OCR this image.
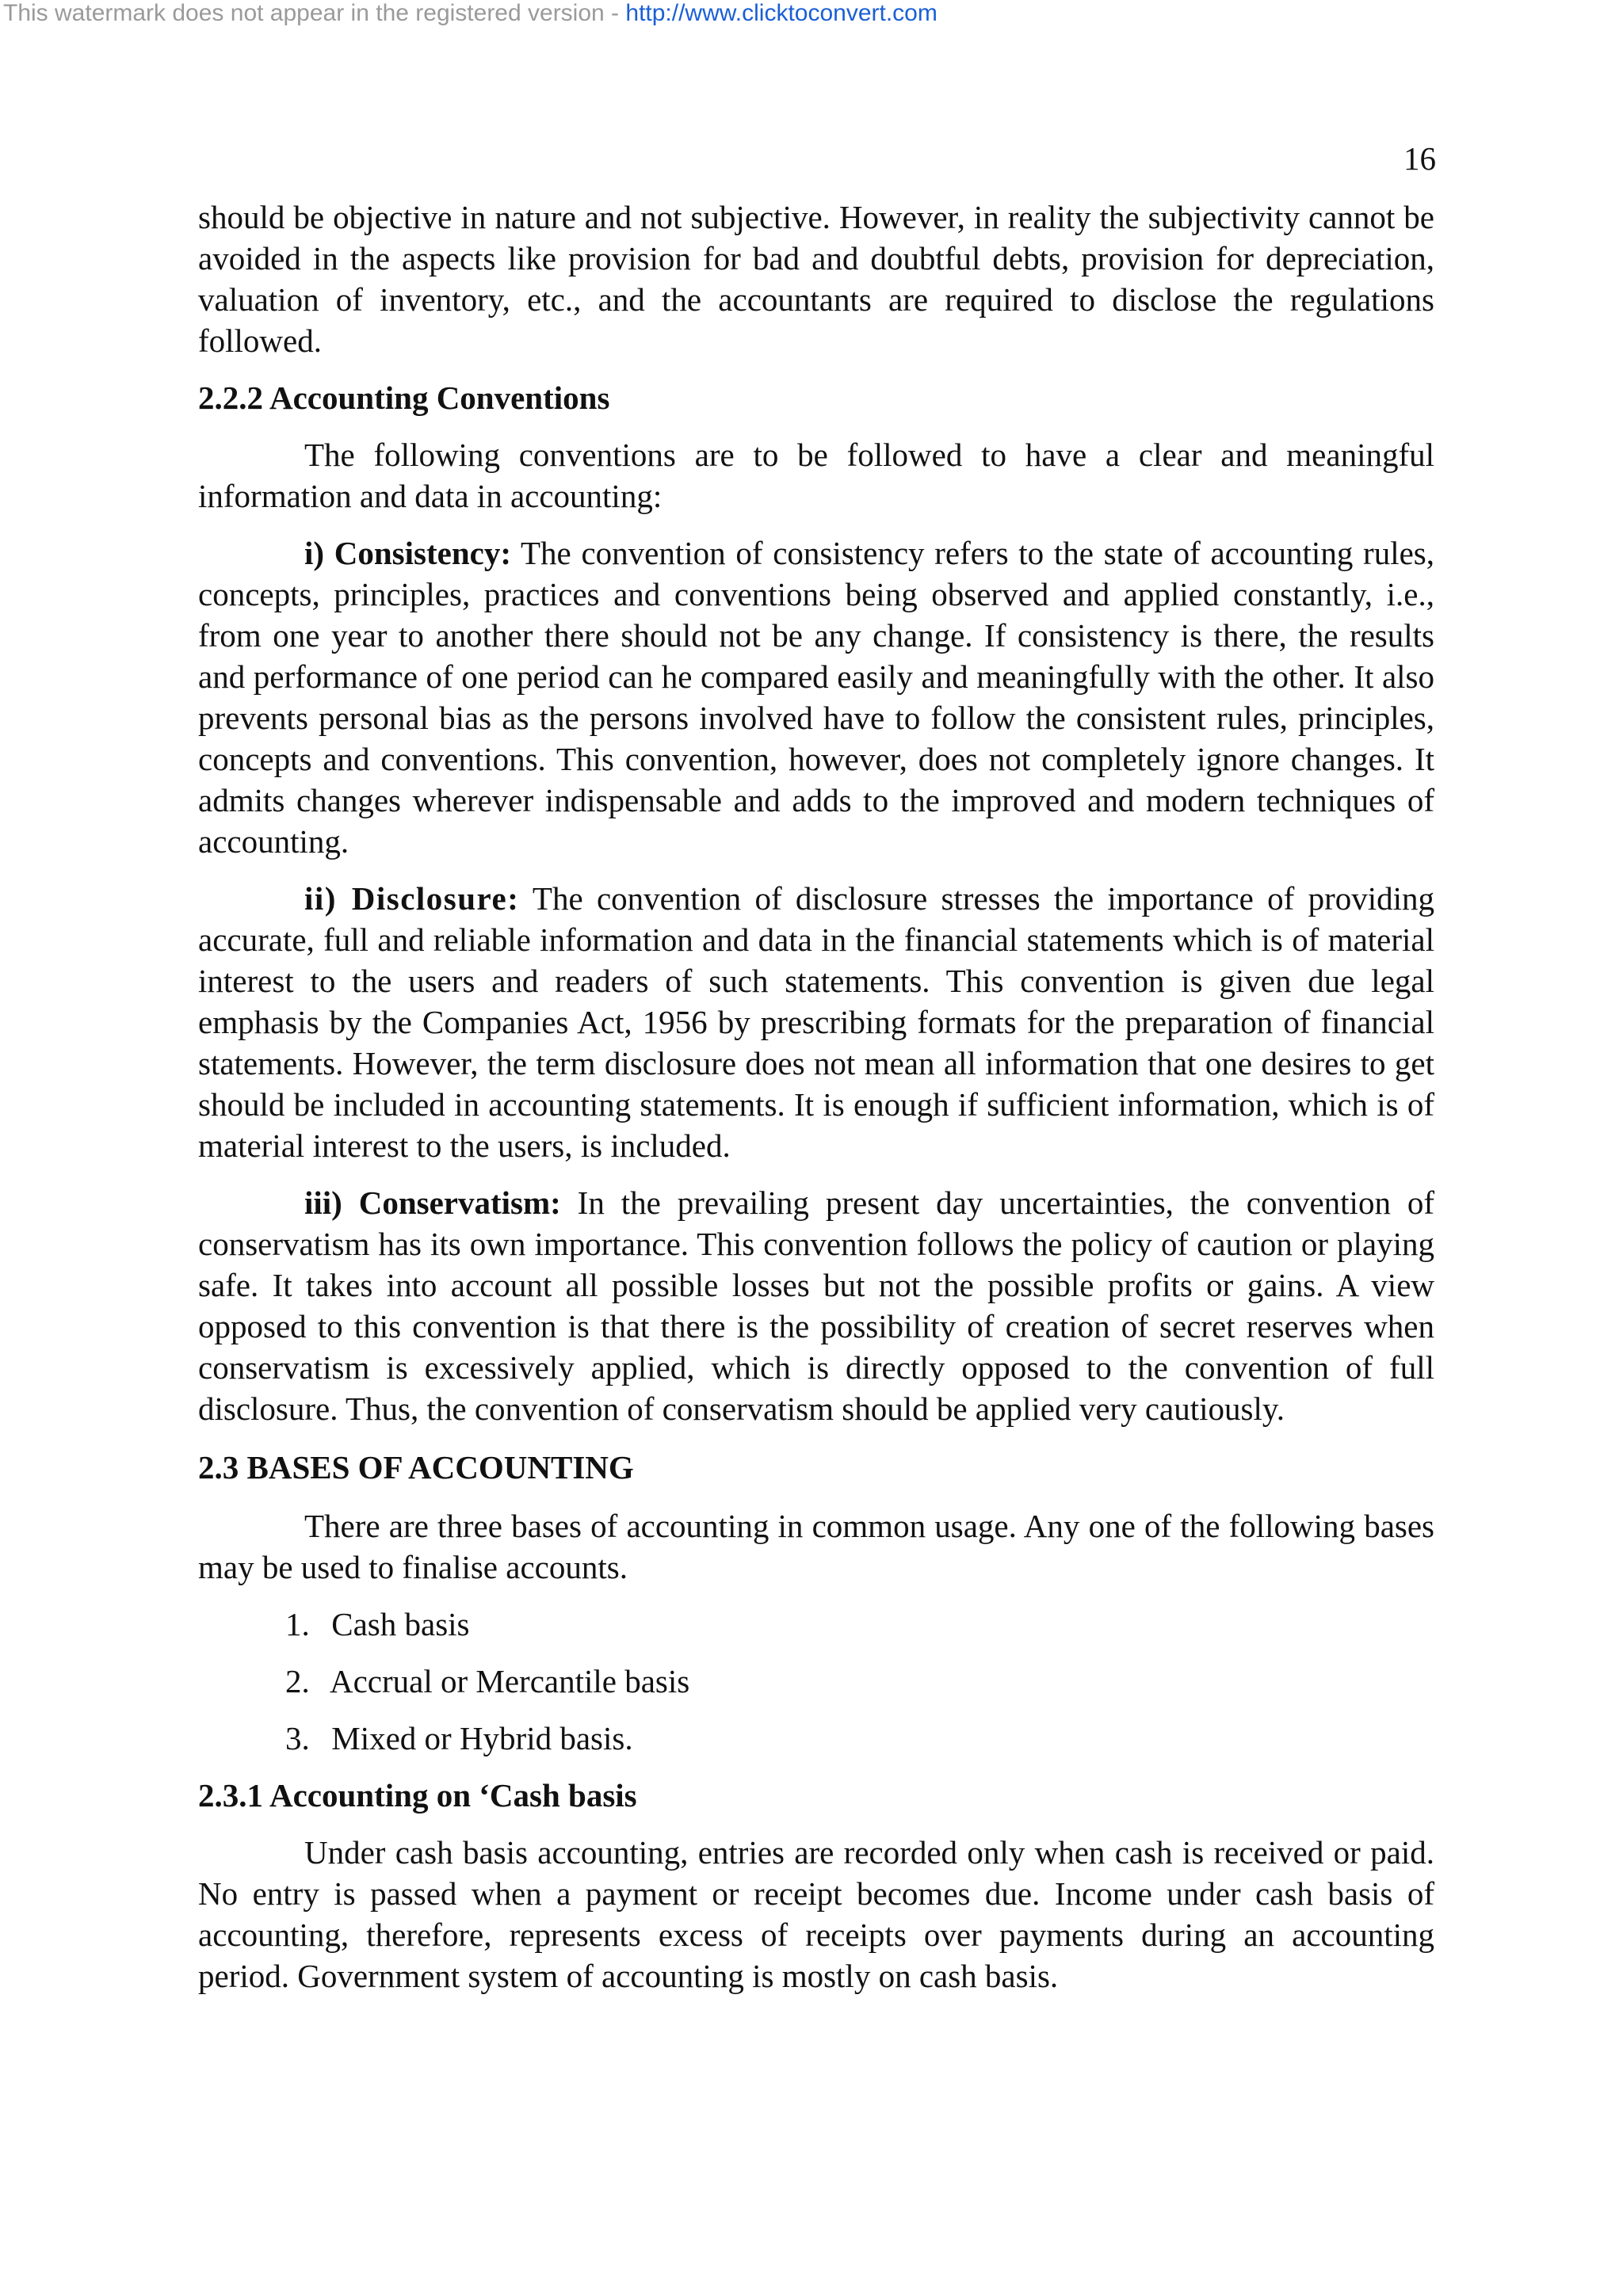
This watermark does not appear in the registered version - http://www.clicktoconvert.com
16

should be objective in nature and not subjective. However, in reality the subjectivity cannot be avoided in the aspects like provision for bad and doubtful debts, provision for depreciation, valuation of inventory, etc., and the accountants are required to disclose the regulations followed.

2.2.2 Accounting Conventions

The following conventions are to be followed to have a clear and meaningful information and data in accounting:

i) Consistency: The convention of consistency refers to the state of accounting rules, concepts, principles, practices and conventions being observed and applied constantly, i.e., from one year to another there should not be any change. If consistency is there, the results and performance of one period can he compared easily and meaningfully with the other. It also prevents personal bias as the persons involved have to follow the consistent rules, principles, concepts and conventions. This convention, however, does not completely ignore changes. It admits changes wherever indispensable and adds to the improved and modern techniques of accounting.

ii) Disclosure: The convention of disclosure stresses the importance of providing accurate, full and reliable information and data in the financial statements which is of material interest to the users and readers of such statements. This convention is given due legal emphasis by the Companies Act, 1956 by prescribing formats for the preparation of financial statements. However, the term disclosure does not mean all information that one desires to get should be included in accounting statements. It is enough if sufficient information, which is of material interest to the users, is included.

iii) Conservatism: In the prevailing present day uncertainties, the convention of conservatism has its own importance. This convention follows the policy of caution or playing safe. It takes into account all possible losses but not the possible profits or gains. A view opposed to this convention is that there is the possibility of creation of secret reserves when conservatism is excessively applied, which is directly opposed to the convention of full disclosure. Thus, the convention of conservatism should be applied very cautiously.

2.3 BASES OF ACCOUNTING

There are three bases of accounting in common usage. Any one of the following bases may be used to finalise accounts.

1. Cash basis
2. Accrual or Mercantile basis
3. Mixed or Hybrid basis.
2.3.1 Accounting on ‘Cash basis

Under cash basis accounting, entries are recorded only when cash is received or paid. No entry is passed when a payment or receipt becomes due. Income under cash basis of accounting, therefore, represents excess of receipts over payments during an accounting period. Government system of accounting is mostly on cash basis.
